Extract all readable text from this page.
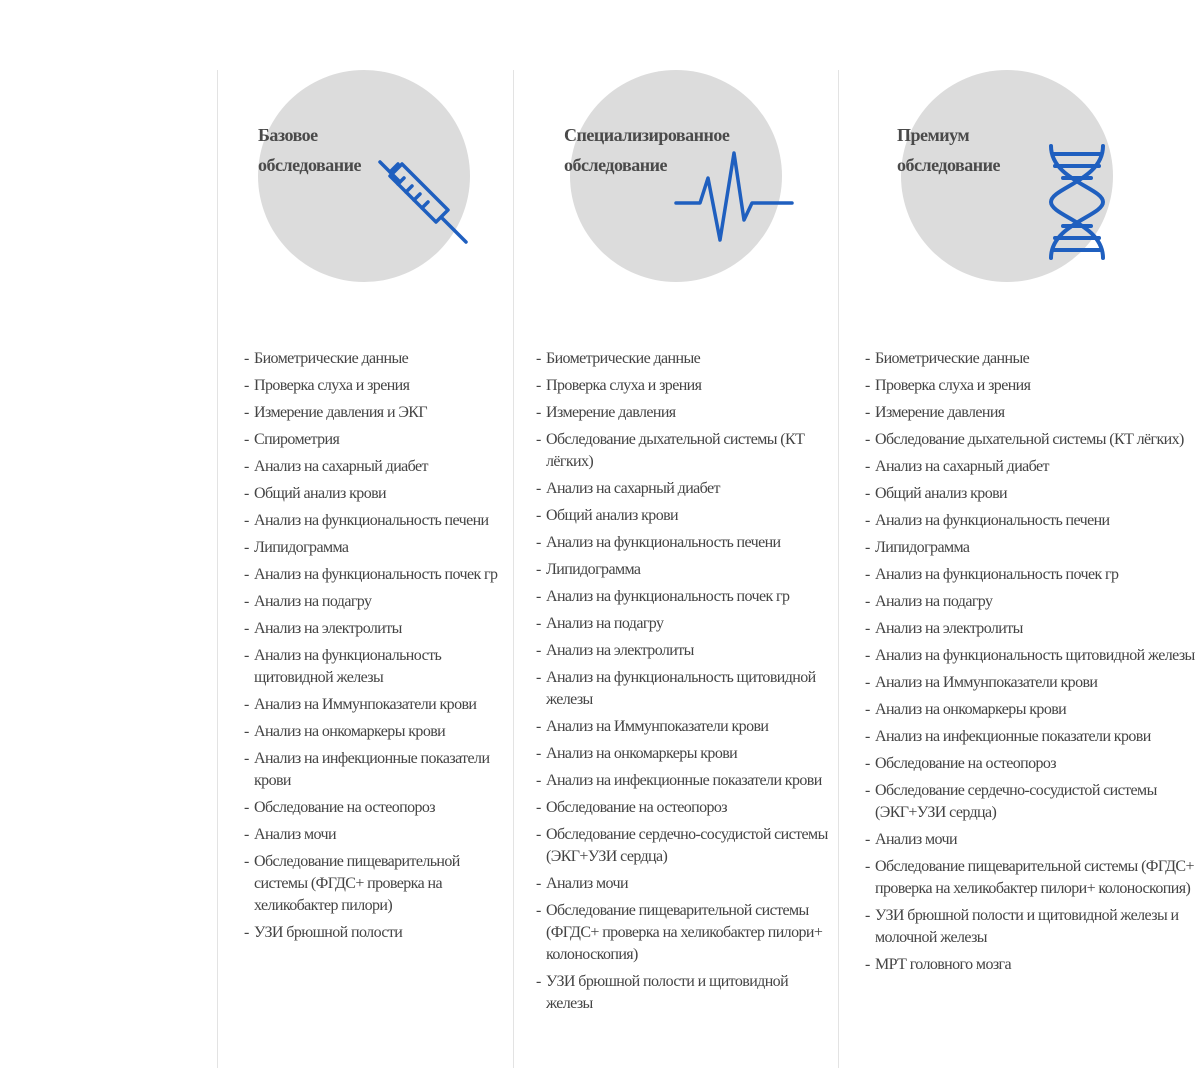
Базовое
обследование
- Биометрические данные
- Проверка слуха и зрения
- Измерение давления и ЭКГ
- Спирометрия
- Анализ на сахарный диабет
- Общий анализ крови
- Анализ на функциональность печени
- Липидограмма
- Анализ на функциональность почек гр
- Анализ на подагру
- Анализ на электролиты
- Анализ на функциональность щитовидной железы
- Анализ на Иммунпоказатели крови
- Анализ на онкомаркеры крови
- Анализ на инфекционные показатели крови
- Обследование на остеопороз
- Анализ мочи
- Обследование пищеварительной системы (ФГДС+ проверка на хеликобактер пилори)
- УЗИ брюшной полости
Специализированное
обследование
- Биометрические данные
- Проверка слуха и зрения
- Измерение давления
- Обследование дыхательной системы (КТ лёгких)
- Анализ на сахарный диабет
- Общий анализ крови
- Анализ на функциональность печени
- Липидограмма
- Анализ на функциональность почек гр
- Анализ на подагру
- Анализ на электролиты
- Анализ на функциональность щитовидной железы
- Анализ на Иммунпоказатели крови
- Анализ на онкомаркеры крови
- Анализ на инфекционные показатели крови
- Обследование на остеопороз
- Обследование сердечно-сосудистой системы (ЭКГ+УЗИ сердца)
- Анализ мочи
- Обследование пищеварительной системы (ФГДС+ проверка на хеликобактер пилори+ колоноскопия)
- УЗИ брюшной полости и щитовидной железы
Премиум
обследование
- Биометрические данные
- Проверка слуха и зрения
- Измерение давления
- Обследование дыхательной системы (КТ лёгких)
- Анализ на сахарный диабет
- Общий анализ крови
- Анализ на функциональность печени
- Липидограмма
- Анализ на функциональность почек гр
- Анализ на подагру
- Анализ на электролиты
- Анализ на функциональность щитовидной железы
- Анализ на Иммунпоказатели крови
- Анализ на онкомаркеры крови
- Анализ на инфекционные показатели крови
- Обследование на остеопороз
- Обследование сердечно-сосудистой системы (ЭКГ+УЗИ сердца)
- Анализ мочи
- Обследование пищеварительной системы (ФГДС+ проверка на хеликобактер пилори+ колоноскопия)
- УЗИ брюшной полости и щитовидной железы и молочной железы
- МРТ головного мозга
